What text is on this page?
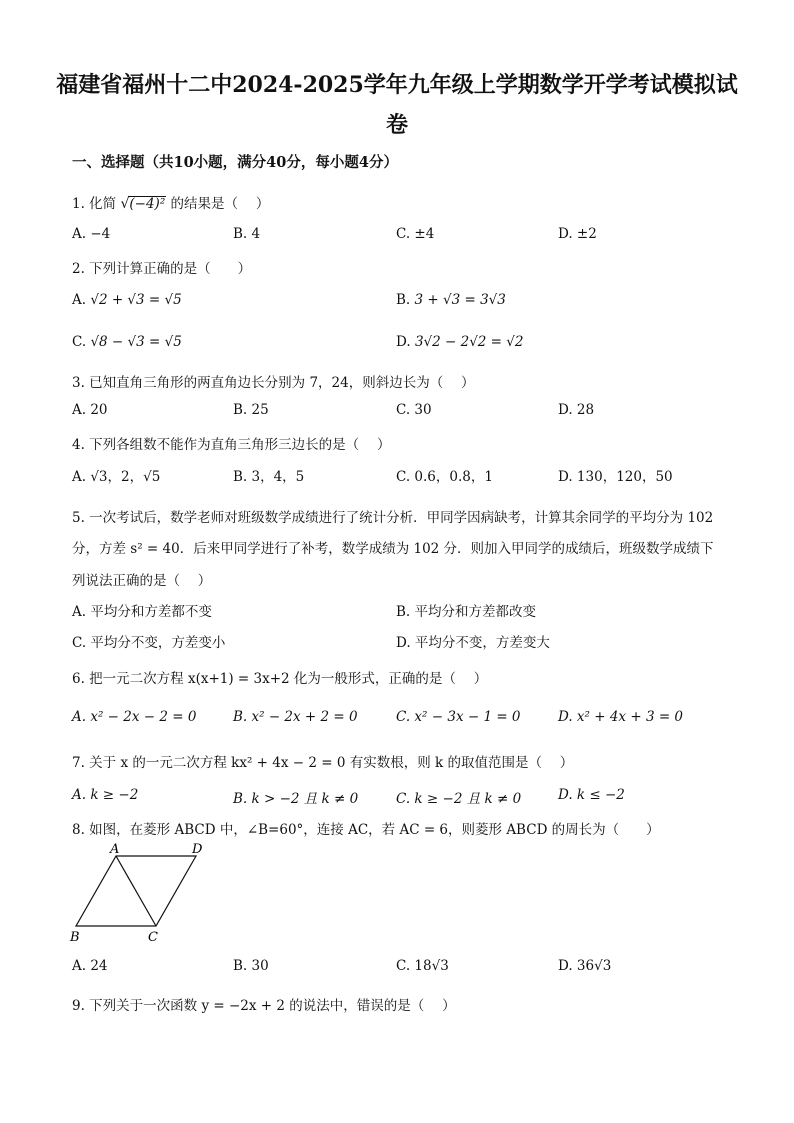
福建省福州十二中2024-2025学年九年级上学期数学开学考试模拟试
卷
一、选择题（共10小题，满分40分，每小题4分）
1. 化简 √(−4)² 的结果是（　 ）
A. −4	B. 4	C. ±4	D. ±2
2. 下列计算正确的是（　　）
A. √2 + √3 = √5	B. 3 + √3 = 3√3
C. √8 − √3 = √5	D. 3√2 − 2√2 = √2
3. 已知直角三角形的两直角边长分别为 7，24，则斜边长为（　 ）
A. 20	B. 25	C. 30	D. 28
4. 下列各组数不能作为直角三角形三边长的是（　 ）
A. √3，2，√5	B. 3，4，5	C. 0.6，0.8，1	D. 130，120，50
5. 一次考试后，数学老师对班级数学成绩进行了统计分析．甲同学因病缺考，计算其余同学的平均分为 102
分，方差 s² = 40．后来甲同学进行了补考，数学成绩为 102 分．则加入甲同学的成绩后，班级数学成绩下
列说法正确的是（　 ）
A. 平均分和方差都不变	B. 平均分和方差都改变
C. 平均分不变，方差变小	D. 平均分不变，方差变大
6. 把一元二次方程 x(x+1) = 3x+2 化为一般形式，正确的是（　 ）
A. x² − 2x − 2 = 0	B. x² − 2x + 2 = 0	C. x² − 3x − 1 = 0	D. x² + 4x + 3 = 0
7. 关于 x 的一元二次方程 kx² + 4x − 2 = 0 有实数根，则 k 的取值范围是（　 ）
A. k ≥ −2	B. k > −2 且 k ≠ 0	C. k ≥ −2 且 k ≠ 0	D. k ≤ −2
8. 如图，在菱形 ABCD 中，∠B=60°，连接 AC，若 AC = 6，则菱形 ABCD 的周长为（　　）
A	D
B	C
A. 24	B. 30	C. 18√3	D. 36√3
9. 下列关于一次函数 y = −2x + 2 的说法中，错误的是（　 ）
